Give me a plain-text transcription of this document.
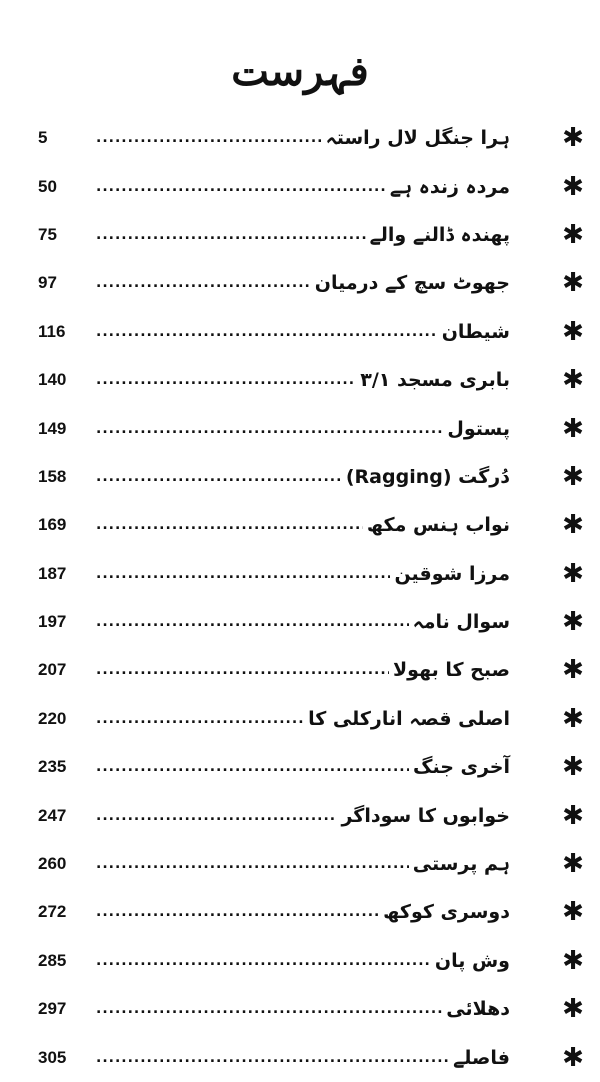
فہرست
5 .....	ہرا جنگل لال راستہ ✱
50 .....	مردہ زندہ ہے ✱
75 .....	پھندہ ڈالنے والے ✱
97 .....	جھوٹ سچ کے درمیان ✱
116 .....	شیطان ✱
140 .....	بابری مسجد ۳/۱ ✱
149 .....	پستول ✱
158 .....	دُرگت (Ragging) ✱
169 .....	نواب ہنس مکھ ✱
187 .....	مرزا شوقین ✱
197 .....	سوال نامہ ✱
207 .....	صبح کا بھولا ✱
220 .....	اصلی قصہ انارکلی کا ✱
235 .....	آخری جنگ ✱
247 .....	خوابوں کا سوداگر ✱
260 .....	ہم پرستی ✱
272 .....	دوسری کوکھ ✱
285 .....	وش پان ✱
297 .....	دھلائی ✱
305 .....	فاصلے ✱
